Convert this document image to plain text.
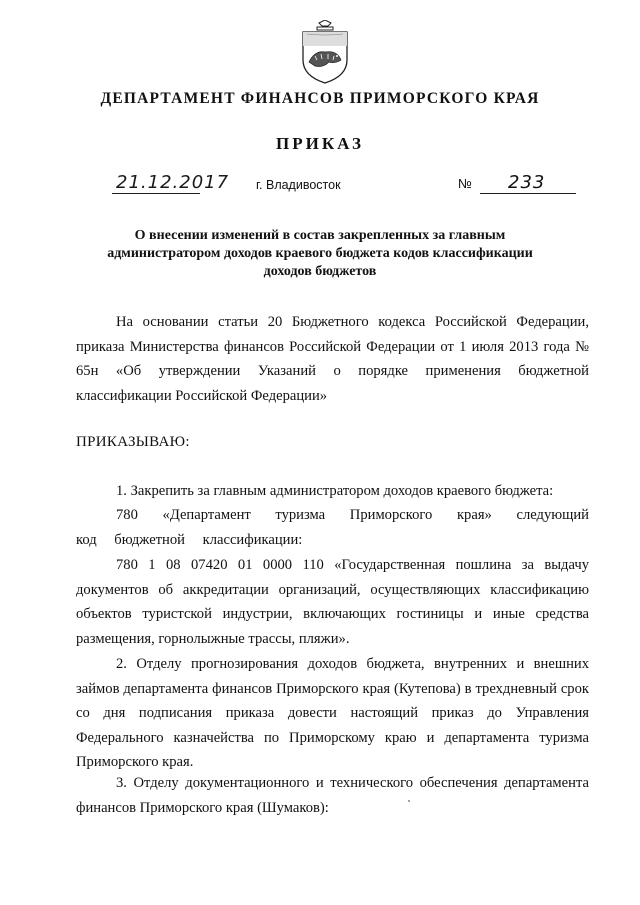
ДЕПАРТАМЕНТ ФИНАНСОВ ПРИМОРСКОГО КРАЯ
ПРИКАЗ
21.12.2017 г. Владивосток	№ 233
О внесении изменений в состав закрепленных за главным администратором доходов краевого бюджета кодов классификации доходов бюджетов
На основании статьи 20 Бюджетного кодекса Российской Федерации, приказа Министерства финансов Российской Федерации от 1 июля 2013 года № 65н «Об утверждении Указаний о порядке применения бюджетной классификации Российской Федерации»
ПРИКАЗЫВАЮ:
1. Закрепить за главным администратором доходов краевого бюджета:
780 «Департамент туризма Приморского края» следующий код бюджетной классификации:
780 1 08 07420 01 0000 110 «Государственная пошлина за выдачу документов об аккредитации организаций, осуществляющих классификацию объектов туристской индустрии, включающих гостиницы и иные средства размещения, горнолыжные трассы, пляжи».
2. Отделу прогнозирования доходов бюджета, внутренних и внешних займов департамента финансов Приморского края (Кутепова) в трехдневный срок со дня подписания приказа довести настоящий приказ до Управления Федерального казначейства по Приморскому краю и департамента туризма Приморского края.
3. Отделу документационного и технического обеспечения департамента финансов Приморского края (Шумаков):
